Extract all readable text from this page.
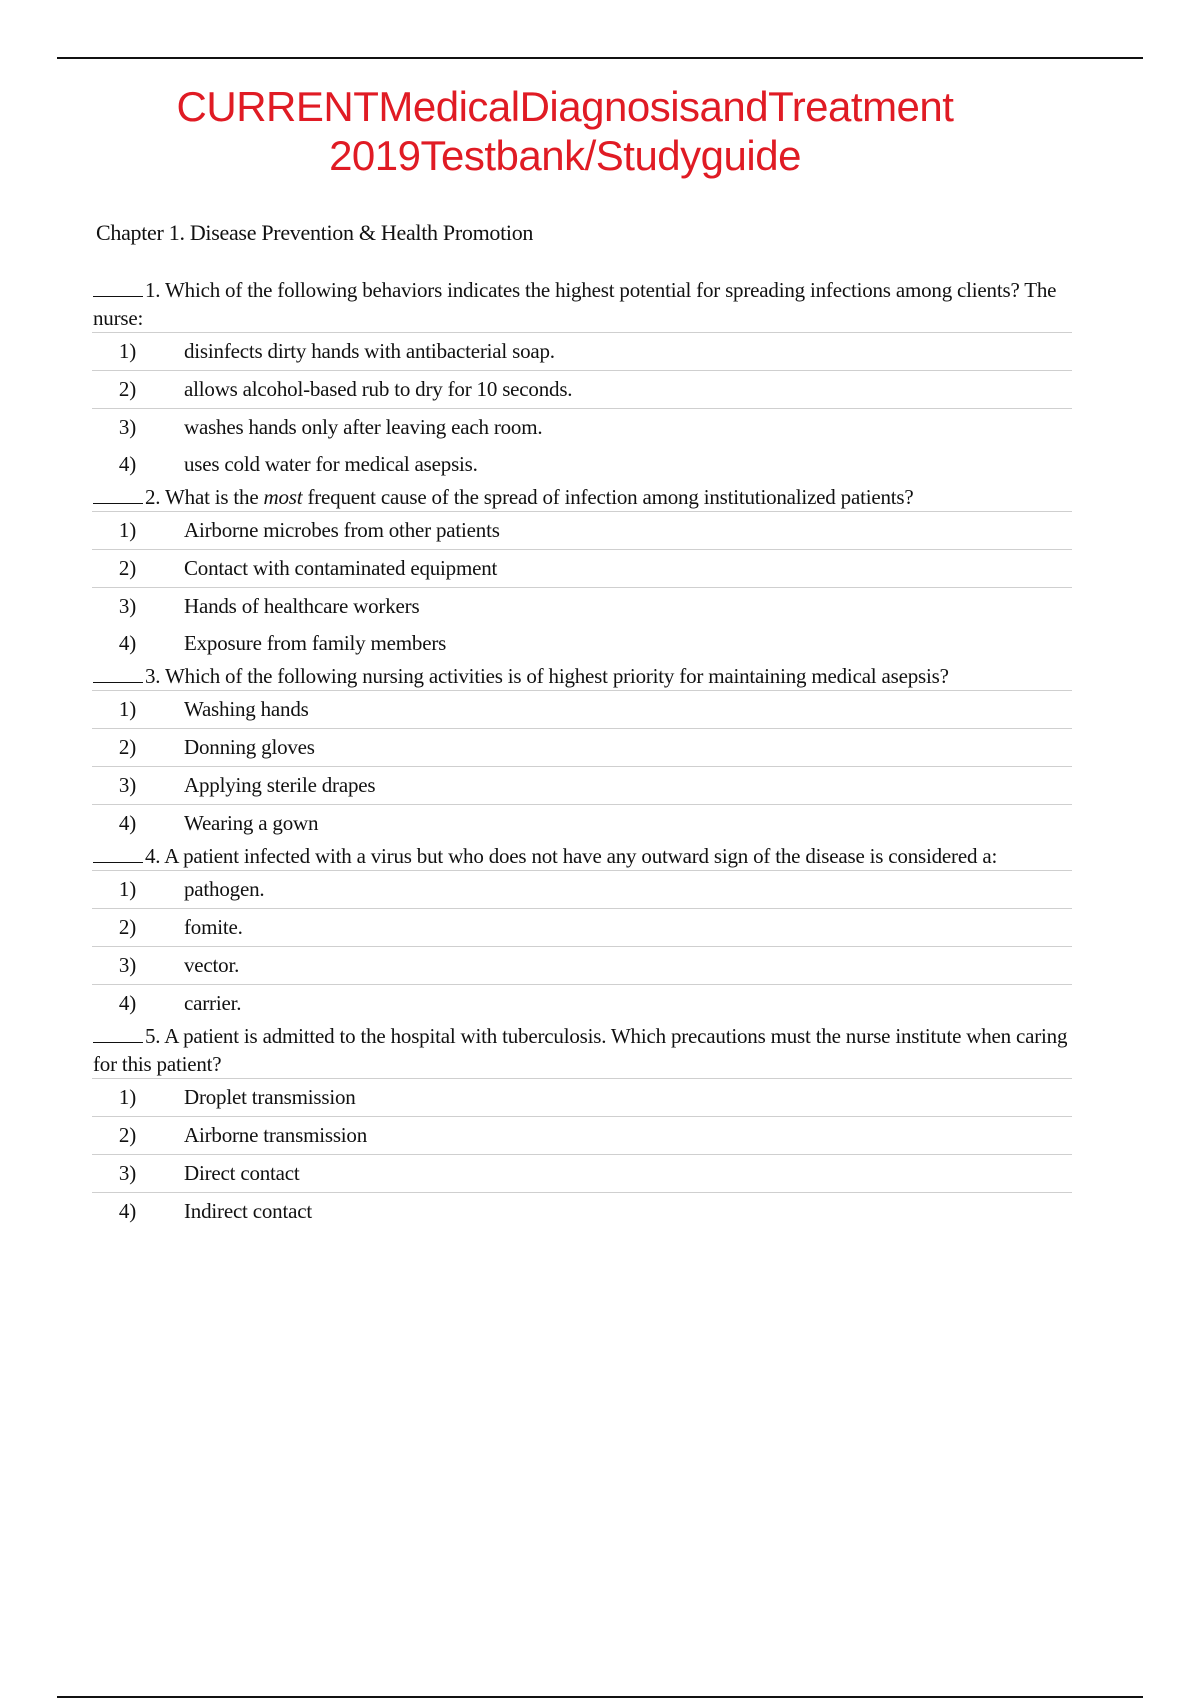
CURRENTMedicalDiagnosisandTreatment
2019Testbank/Studyguide
Chapter 1. Disease Prevention & Health Promotion
1. Which of the following behaviors indicates the highest potential for spreading infections among clients? The nurse:
1) disinfects dirty hands with antibacterial soap.
2) allows alcohol-based rub to dry for 10 seconds.
3) washes hands only after leaving each room.
4) uses cold water for medical asepsis.
2. What is the most frequent cause of the spread of infection among institutionalized patients?
1) Airborne microbes from other patients
2) Contact with contaminated equipment
3) Hands of healthcare workers
4) Exposure from family members
3. Which of the following nursing activities is of highest priority for maintaining medical asepsis?
1) Washing hands
2) Donning gloves
3) Applying sterile drapes
4) Wearing a gown
4. A patient infected with a virus but who does not have any outward sign of the disease is considered a:
1) pathogen.
2) fomite.
3) vector.
4) carrier.
5. A patient is admitted to the hospital with tuberculosis. Which precautions must the nurse institute when caring for this patient?
1) Droplet transmission
2) Airborne transmission
3) Direct contact
4) Indirect contact
